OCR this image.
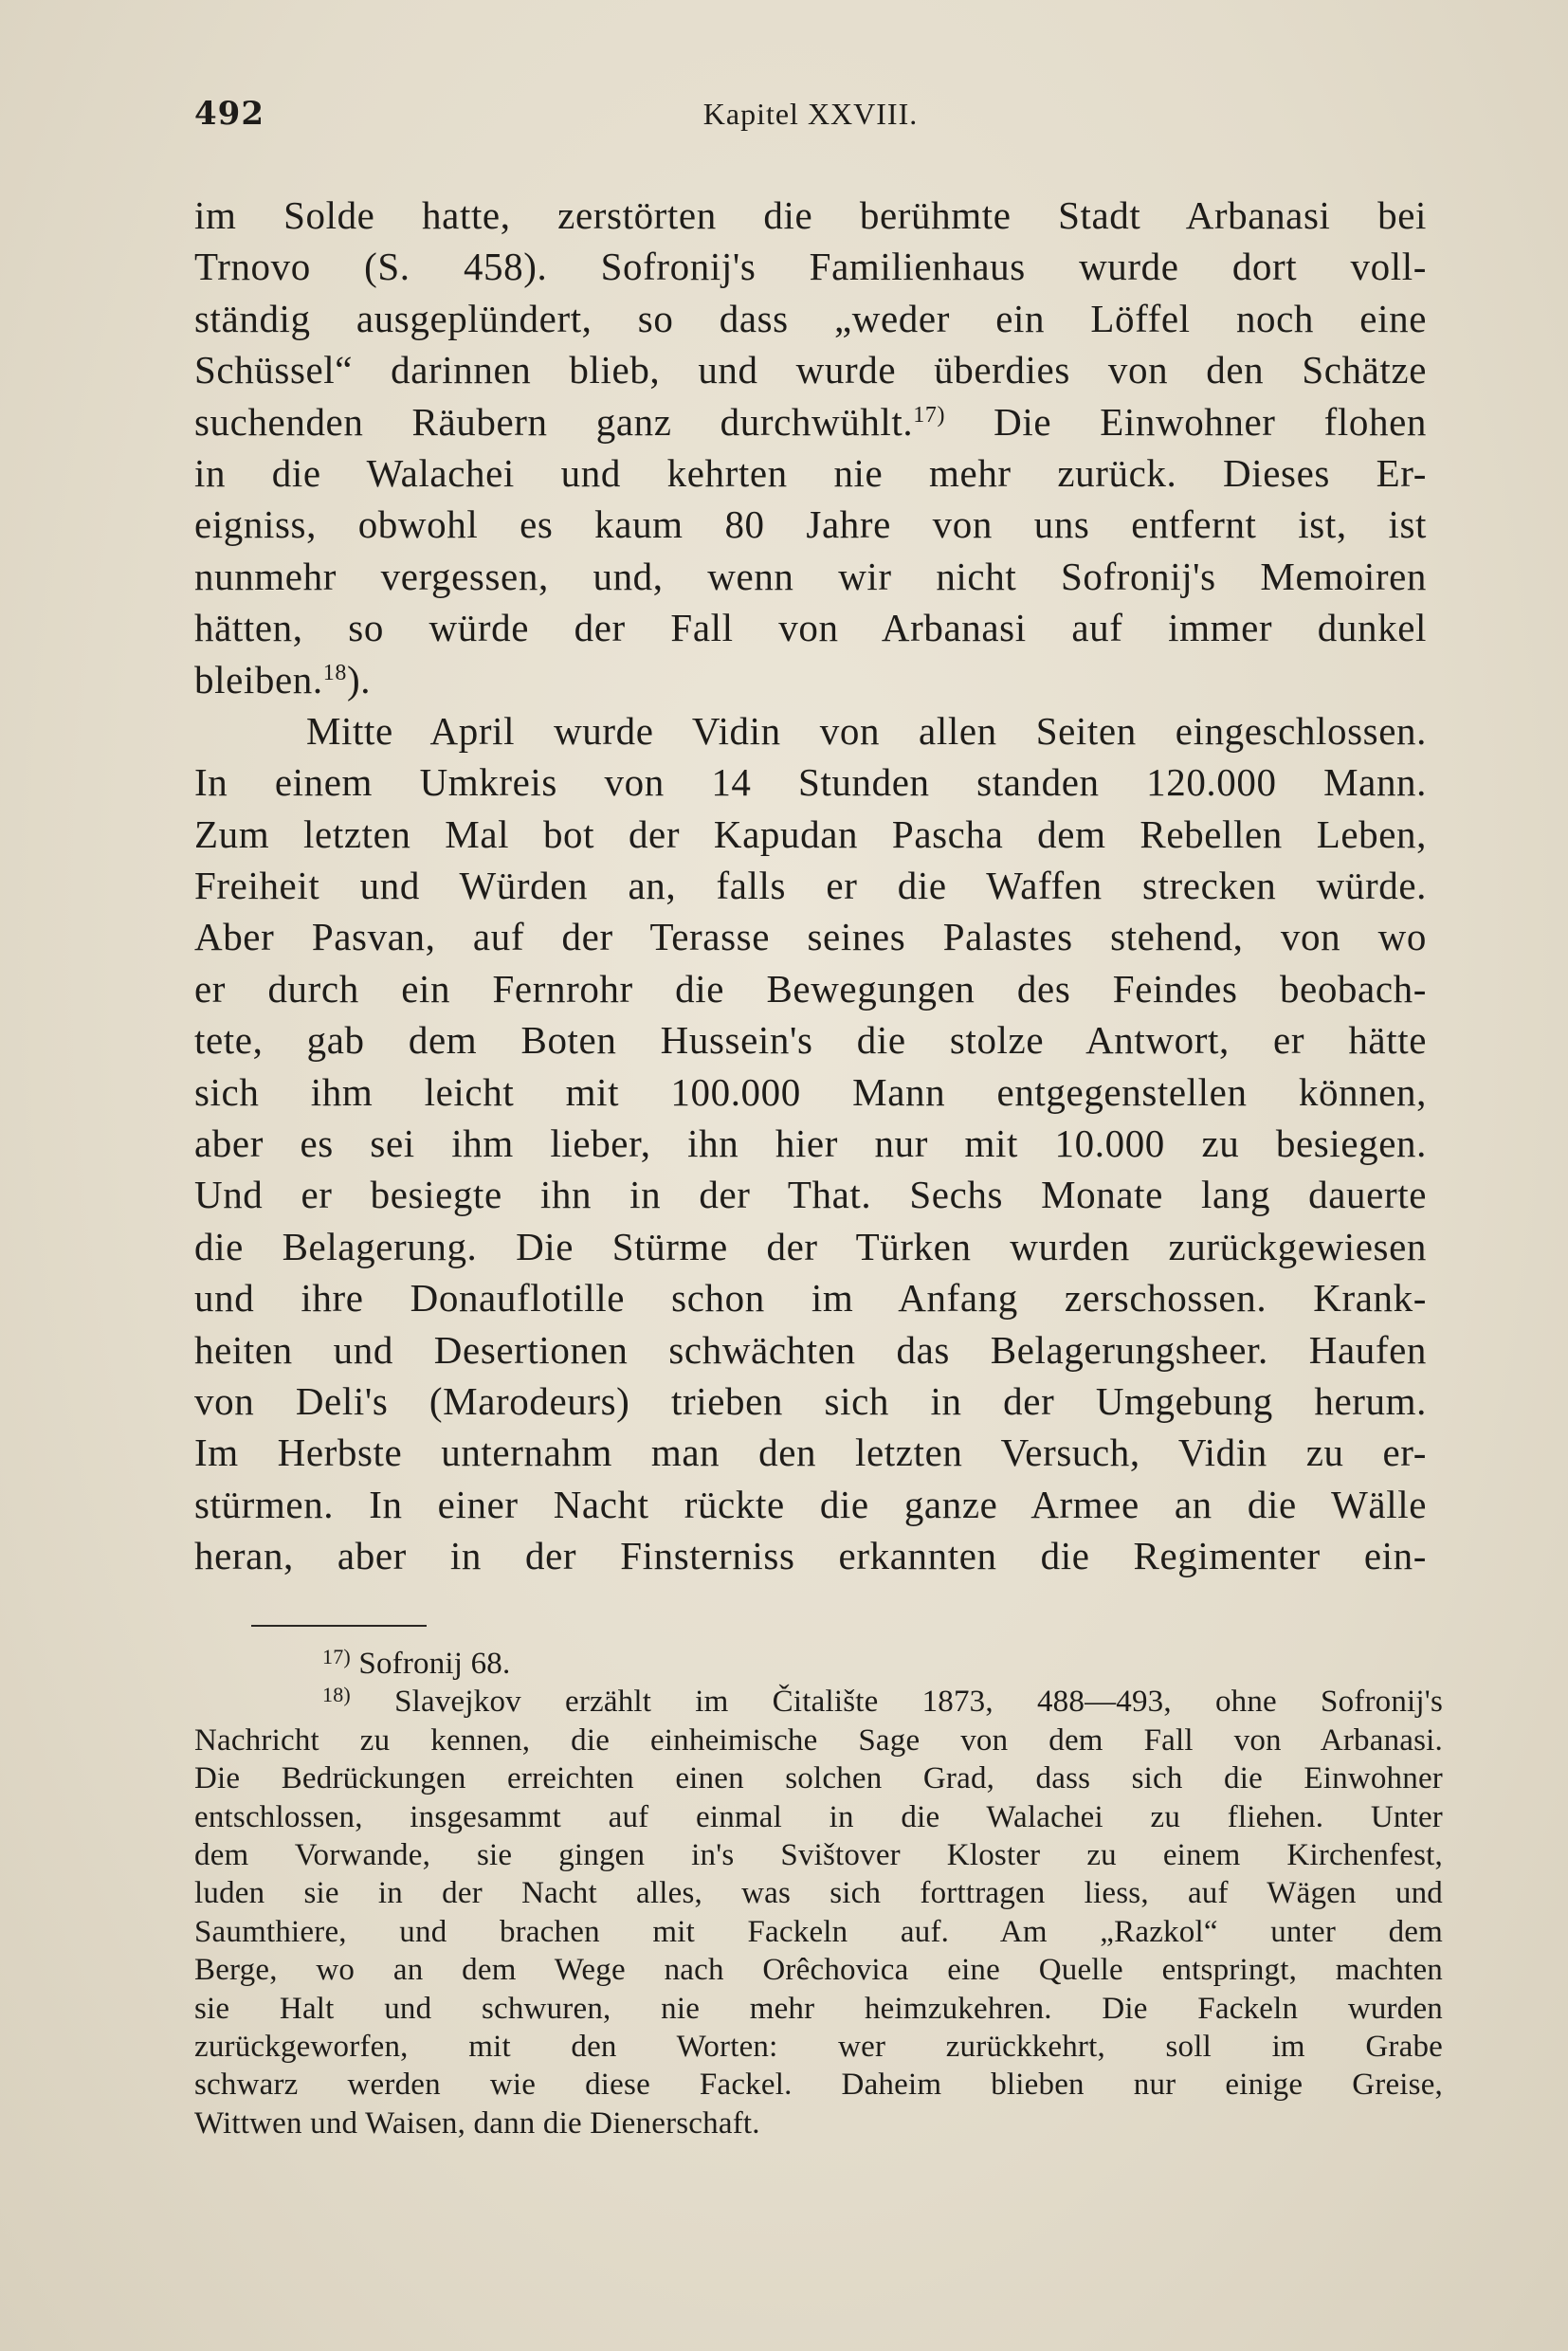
492	Kapitel XXVIII.
im Solde hatte, zerstörten die berühmte Stadt Arbanasi bei
Trnovo (S. 458). Sofronij's Familienhaus wurde dort voll-
ständig ausgeplündert, so dass „weder ein Löffel noch eine
Schüssel“ darinnen blieb, und wurde überdies von den Schätze
suchenden Räubern ganz durchwühlt.$^{17)}$ Die Einwohner flohen
in die Walachei und kehrten nie mehr zurück. Dieses Er-
eigniss, obwohl es kaum 80 Jahre von uns entfernt ist, ist
nunmehr vergessen, und, wenn wir nicht Sofronij's Memoiren
hätten, so würde der Fall von Arbanasi auf immer dunkel
bleiben.$^{18}$).
Mitte April wurde Vidin von allen Seiten eingeschlossen.
In einem Umkreis von 14 Stunden standen 120.000 Mann.
Zum letzten Mal bot der Kapudan Pascha dem Rebellen Leben,
Freiheit und Würden an, falls er die Waffen strecken würde.
Aber Pasvan, auf der Terasse seines Palastes stehend, von wo
er durch ein Fernrohr die Bewegungen des Feindes beobach-
tete, gab dem Boten Hussein's die stolze Antwort, er hätte
sich ihm leicht mit 100.000 Mann entgegenstellen können,
aber es sei ihm lieber, ihn hier nur mit 10.000 zu besiegen.
Und er besiegte ihn in der That. Sechs Monate lang dauerte
die Belagerung. Die Stürme der Türken wurden zurückgewiesen
und ihre Donauflotille schon im Anfang zerschossen. Krank-
heiten und Desertionen schwächten das Belagerungsheer. Haufen
von Deli's (Marodeurs) trieben sich in der Umgebung herum.
Im Herbste unternahm man den letzten Versuch, Vidin zu er-
stürmen. In einer Nacht rückte die ganze Armee an die Wälle
heran, aber in der Finsterniss erkannten die Regimenter ein-
$^{17)}$ Sofronij 68.
$^{18)}$ Slavejkov erzählt im Čitalište 1873, 488—493, ohne Sofronij's
Nachricht zu kennen, die einheimische Sage von dem Fall von Arbanasi.
Die Bedrückungen erreichten einen solchen Grad, dass sich die Einwohner
entschlossen, insgesammt auf einmal in die Walachei zu fliehen. Unter
dem Vorwande, sie gingen in's Svištover Kloster zu einem Kirchenfest,
luden sie in der Nacht alles, was sich forttragen liess, auf Wägen und
Saumthiere, und brachen mit Fackeln auf. Am „Razkol“ unter dem
Berge, wo an dem Wege nach Orêchovica eine Quelle entspringt, machten
sie Halt und schwuren, nie mehr heimzukehren. Die Fackeln wurden
zurückgeworfen, mit den Worten: wer zurückkehrt, soll im Grabe
schwarz werden wie diese Fackel. Daheim blieben nur einige Greise,
Wittwen und Waisen, dann die Dienerschaft.
